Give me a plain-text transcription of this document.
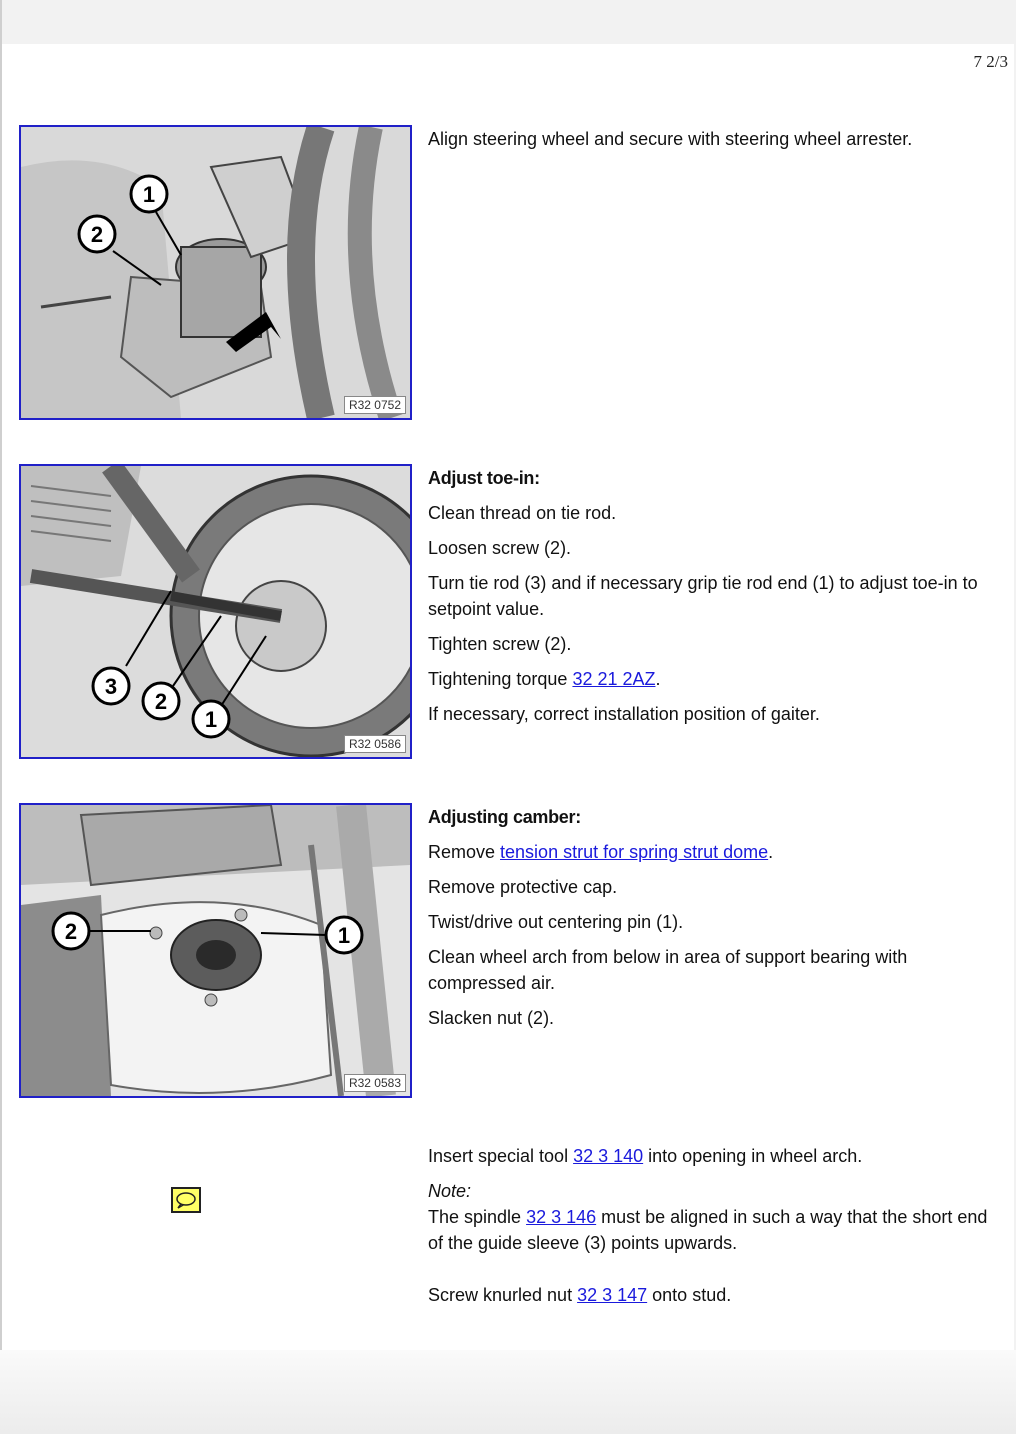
7 2/3
1
2
R32 0752
3
2
1
R32 0586
2	1
R32 0583

Align steering wheel and secure with steering wheel arrester.

Adjust toe-in:

Clean thread on tie rod.

Loosen screw (2).

Turn tie rod (3) and if necessary grip tie rod end (1) to adjust toe-in to setpoint value.

Tighten screw (2).

Tightening torque 32 21 2AZ.

If necessary, correct installation position of gaiter.

Adjusting camber:

Remove tension strut for spring strut dome.

Remove protective cap.

Twist/drive out centering pin (1).

Clean wheel arch from below in area of support bearing with compressed air.

Slacken nut (2).

Insert special tool 32 3 140 into opening in wheel arch.

Note:

The spindle 32 3 146 must be aligned in such a way that the short end of the guide sleeve (3) points upwards.

Screw knurled nut 32 3 147 onto stud.
